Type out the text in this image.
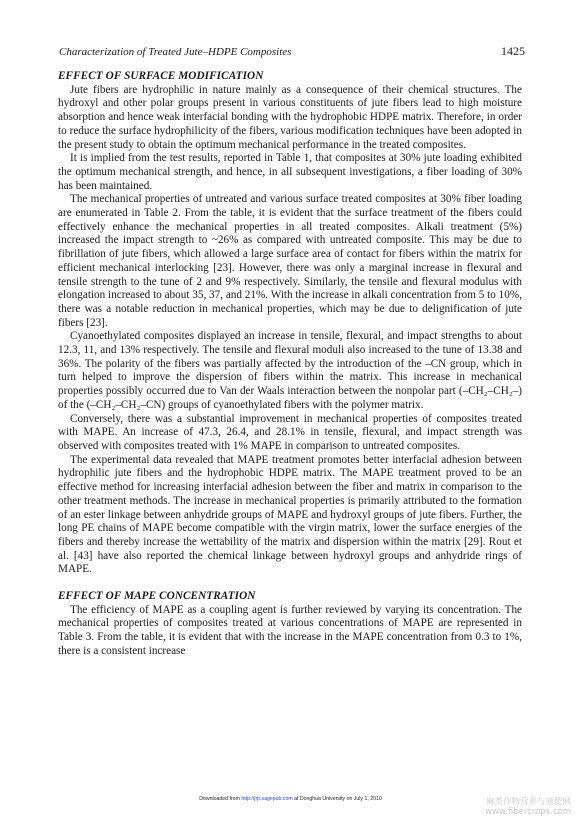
Characterization of Treated Jute–HDPE Composites	1425
EFFECT OF SURFACE MODIFICATION

Jute fibers are hydrophilic in nature mainly as a consequence of their chemical structures. The hydroxyl and other polar groups present in various constituents of jute fibers lead to high moisture absorption and hence weak interfacial bonding with the hydrophobic HDPE matrix. Therefore, in order to reduce the surface hydrophilicity of the fibers, various modification techniques have been adopted in the present study to obtain the optimum mechanical performance in the treated composites.

It is implied from the test results, reported in Table 1, that composites at 30% jute loading exhibited the optimum mechanical strength, and hence, in all subsequent investigations, a fiber loading of 30% has been maintained.

The mechanical properties of untreated and various surface treated composites at 30% fiber loading are enumerated in Table 2. From the table, it is evident that the surface treatment of the fibers could effectively enhance the mechanical properties in all treated composites. Alkali treatment (5%) increased the impact strength to ~26% as compared with untreated composite. This may be due to fibrillation of jute fibers, which allowed a large surface area of contact for fibers within the matrix for efficient mechanical interlocking [23]. However, there was only a marginal increase in flexural and tensile strength to the tune of 2 and 9% respectively. Similarly, the tensile and flexural modulus with elongation increased to about 35, 37, and 21%. With the increase in alkali concentration from 5 to 10%, there was a notable reduction in mechanical properties, which may be due to delignification of jute fibers [23].

Cyanoethylated composites displayed an increase in tensile, flexural, and impact strengths to about 12.3, 11, and 13% respectively. The tensile and flexural moduli also increased to the tune of 13.38 and 36%. The polarity of the fibers was partially affected by the introduction of the –CN group, which in turn helped to improve the dispersion of fibers within the matrix. This increase in mechanical properties possibly occurred due to Van der Waals interaction between the nonpolar part (–CH₂–CH₂–) of the (–CH₂–CH₂–CN) groups of cyanoethylated fibers with the polymer matrix.

Conversely, there was a substantial improvement in mechanical properties of composites treated with MAPE. An increase of 47.3, 26.4, and 28.1% in tensile, flexural, and impact strength was observed with composites treated with 1% MAPE in comparison to untreated composites.

The experimental data revealed that MAPE treatment promotes better interfacial adhesion between hydrophilic jute fibers and the hydrophobic HDPE matrix. The MAPE treatment proved to be an effective method for increasing interfacial adhesion between the fiber and matrix in comparison to the other treatment methods. The increase in mechanical properties is primarily attributed to the formation of an ester linkage between anhydride groups of MAPE and hydroxyl groups of jute fibers. Further, the long PE chains of MAPE become compatible with the virgin matrix, lower the surface energies of the fibers and thereby increase the wettability of the matrix and dispersion within the matrix [29]. Rout et al. [43] have also reported the chemical linkage between hydroxyl groups and anhydride rings of MAPE.

EFFECT OF MAPE CONCENTRATION

The efficiency of MAPE as a coupling agent is further reviewed by varying its concentration. The mechanical properties of composites treated at various concentrations of MAPE are represented in Table 3. From the table, it is evident that with the increase in the MAPE concentration from 0.3 to 1%, there is a consistent increase

Downloaded from http://jrp.sagepub.com at Donghua University on July 1, 2010	麻类作物营养与施肥网
www.fibercrops.com
